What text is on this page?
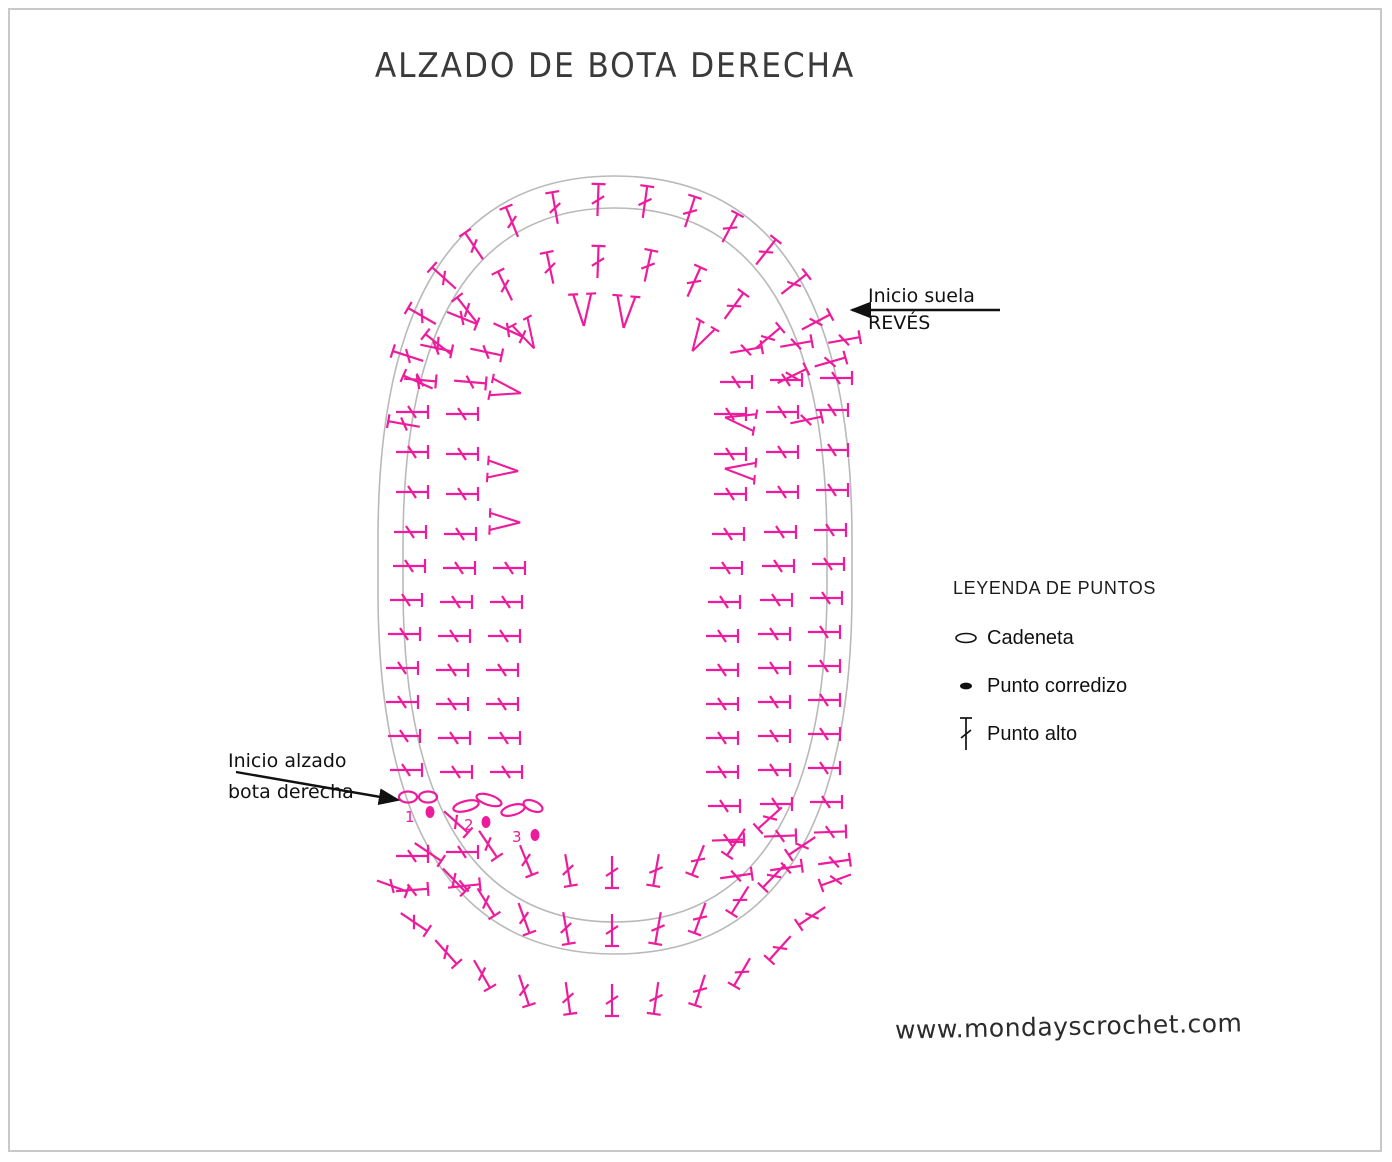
ALZADO DE BOTA DERECHA
1	2
3
Inicio suela
REVÉS
Inicio alzado
bota derecha
LEYENDA DE PUNTOS
Cadeneta
Punto corredizo
Punto alto
www.mondayscrochet.com
